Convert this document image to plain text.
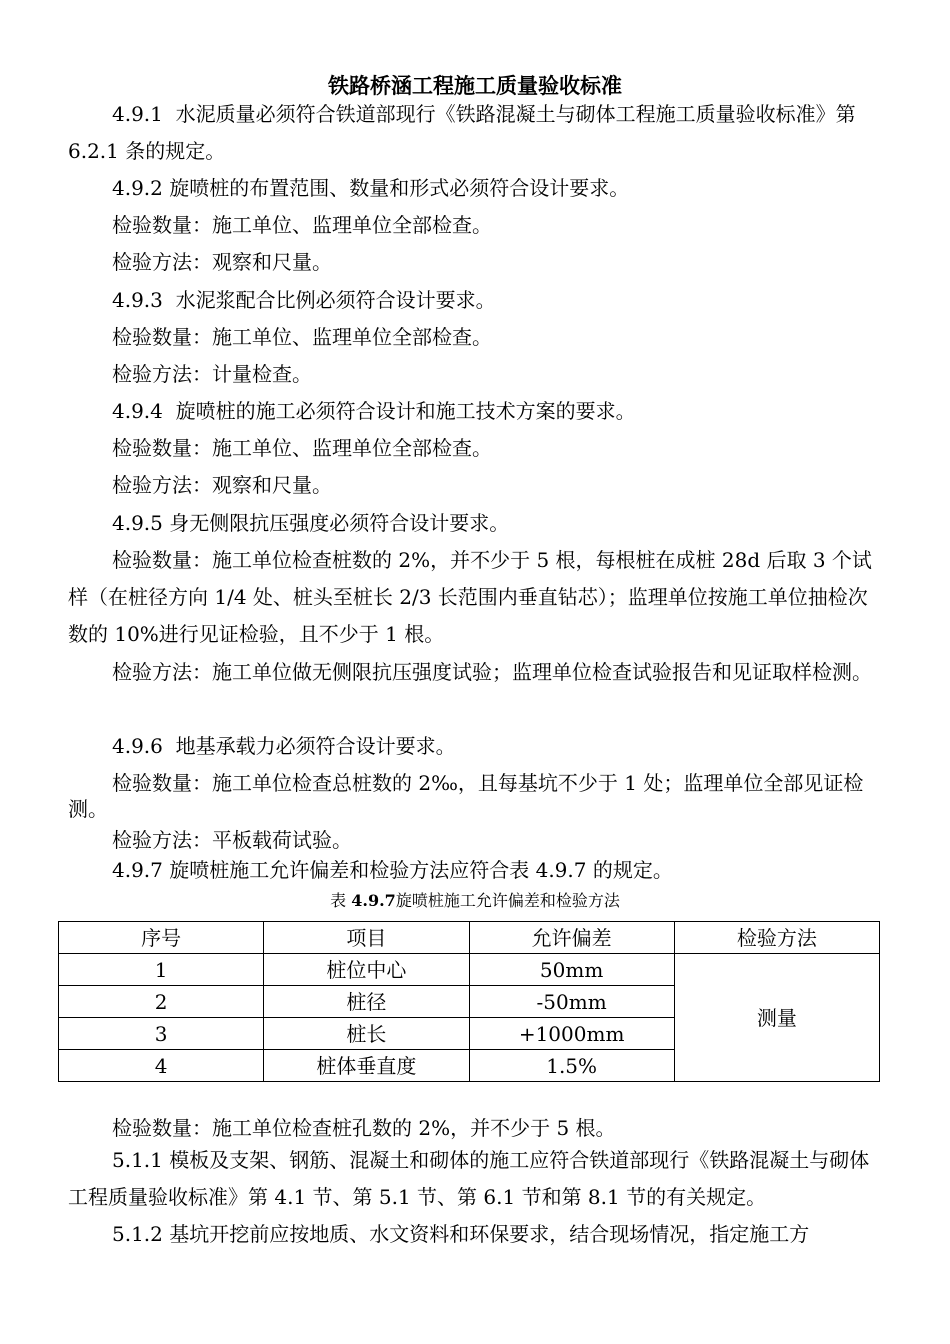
铁路桥涵工程施工质量验收标准
4.9.1  水泥质量必须符合铁道部现行《铁路混凝土与砌体工程施工质量验收标准》第 6.2.1 条的规定。
4.9.2 旋喷桩的布置范围、数量和形式必须符合设计要求。
检验数量：施工单位、监理单位全部检查。
检验方法：观察和尺量。
4.9.3  水泥浆配合比例必须符合设计要求。
检验数量：施工单位、监理单位全部检查。
检验方法：计量检查。
4.9.4  旋喷桩的施工必须符合设计和施工技术方案的要求。
检验数量：施工单位、监理单位全部检查。
检验方法：观察和尺量。
4.9.5 身无侧限抗压强度必须符合设计要求。
检验数量：施工单位检查桩数的 2%，并不少于 5 根，每根桩在成桩 28d 后取 3 个试样（在桩径方向 1/4 处、桩头至桩长 2/3 长范围内垂直钻芯）；监理单位按施工单位抽检次数的 10%进行见证检验，且不少于 1 根。
检验方法：施工单位做无侧限抗压强度试验；监理单位检查试验报告和见证取样检测。
4.9.6  地基承载力必须符合设计要求。
检验数量：施工单位检查总桩数的 2‰，且每基坑不少于 1 处；监理单位全部见证检测。
检验方法：平板载荷试验。
4.9.7 旋喷桩施工允许偏差和检验方法应符合表 4.9.7 的规定。
表 4.9.7旋喷桩施工允许偏差和检验方法
序号	项目	允许偏差	检验方法
1	桩位中心	50mm	测量
2	桩径	-50mm	
3	桩长	+1000mm	
4	桩体垂直度	1.5%	
检验数量：施工单位检查桩孔数的 2%，并不少于 5 根。
5.1.1 模板及支架、钢筋、混凝土和砌体的施工应符合铁道部现行《铁路混凝土与砌体工程质量验收标准》第 4.1 节、第 5.1 节、第 6.1 节和第 8.1 节的有关规定。
5.1.2 基坑开挖前应按地质、水文资料和环保要求，结合现场情况，指定施工方
